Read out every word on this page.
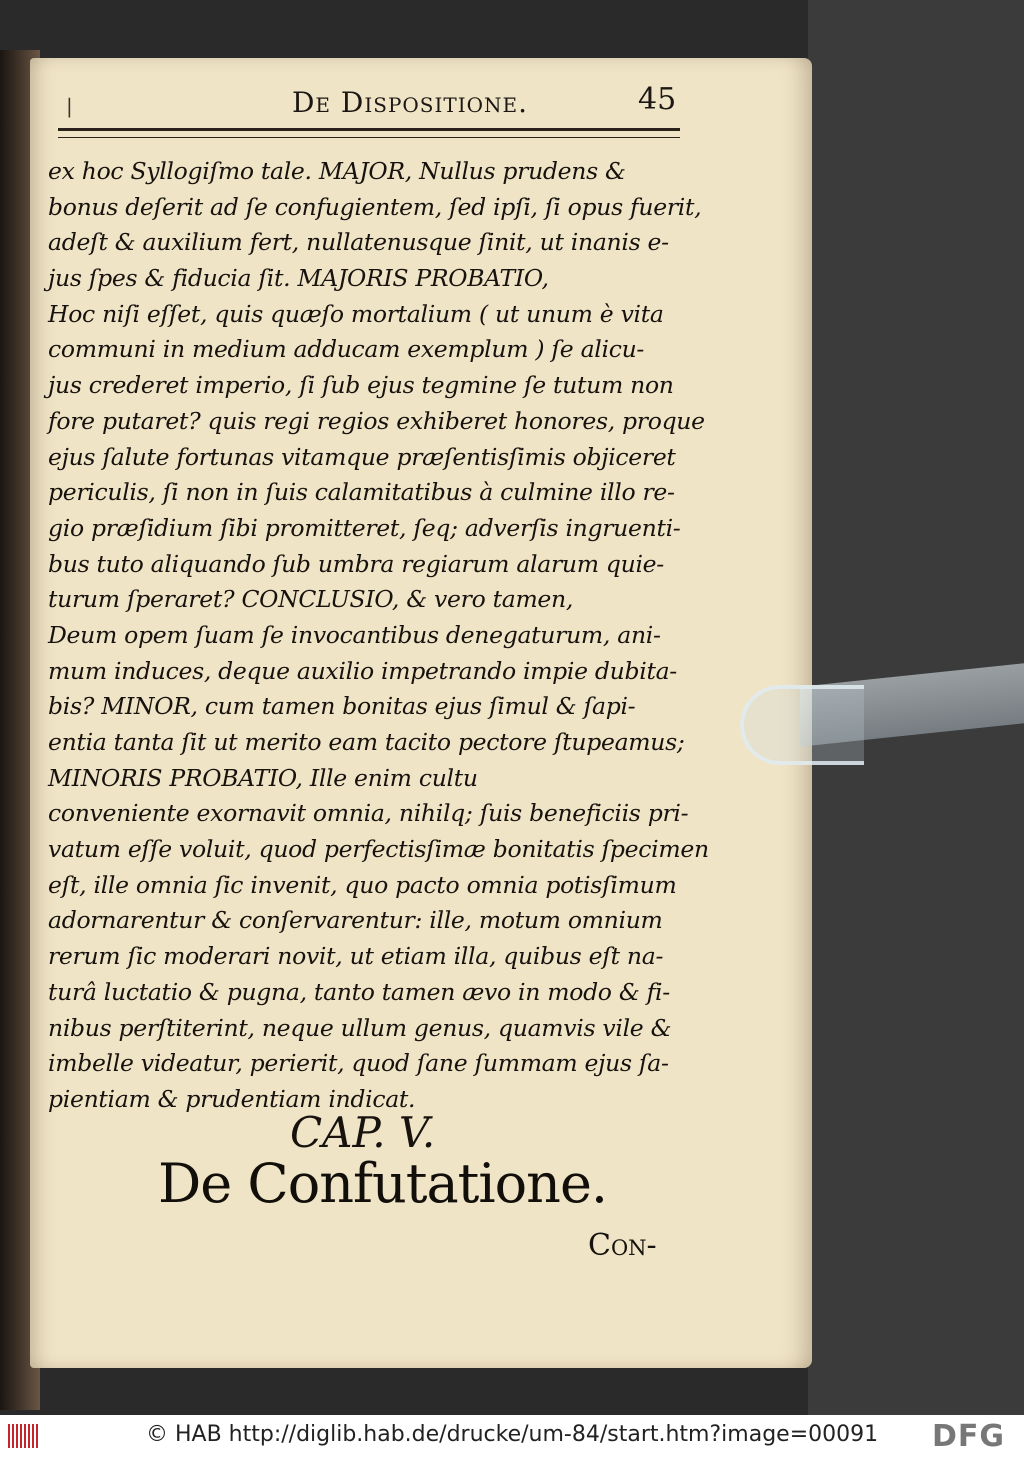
|	De Dispositione.	45
ex hoc Syllogiſmo tale. MAJOR, Nullus prudens &
bonus deſerit ad ſe confugientem, ſed ipſi, ſi opus fuerit,
adeſt & auxilium fert, nullatenusque ſinit, ut inanis e-
jus ſpes & fiducia ſit. MAJORIS PROBATIO,
Hoc niſi eſſet, quis quæſo mortalium ( ut unum è vita
communi in medium adducam exemplum ) ſe alicu-
jus crederet imperio, ſi ſub ejus tegmine ſe tutum non
fore putaret? quis regi regios exhiberet honores, proque
ejus ſalute fortunas vitamque præſentisſimis objiceret
periculis, ſi non in ſuis calamitatibus à culmine illo re-
gio præſidium ſibi promitteret, ſeq; adverſis ingruenti-
bus tuto aliquando ſub umbra regiarum alarum quie-
turum ſperaret? CONCLUSIO, & vero tamen,
Deum opem ſuam ſe invocantibus denegaturum, ani-
mum induces, deque auxilio impetrando impie dubita-
bis? MINOR, cum tamen bonitas ejus ſimul & ſapi-
entia tanta ſit ut merito eam tacito pectore ſtupeamus;
MINORIS PROBATIO, Ille enim cultu
conveniente exornavit omnia, nihilq; ſuis beneficiis pri-
vatum eſſe voluit, quod perfectisſimæ bonitatis ſpecimen
eſt, ille omnia ſic invenit, quo pacto omnia potisſimum
adornarentur & conſervarentur: ille, motum omnium
rerum ſic moderari novit, ut etiam illa, quibus eſt na-
turâ luctatio & pugna, tanto tamen ævo in modo & fi-
nibus perſtiterint, neque ullum genus, quamvis vile &
imbelle videatur, perierit, quod ſane ſummam ejus ſa-
pientiam & prudentiam indicat.
CAP. V.
De Confutatione.
Con-
© HAB http://diglib.hab.de/drucke/um-84/start.htm?image=00091 DFG
